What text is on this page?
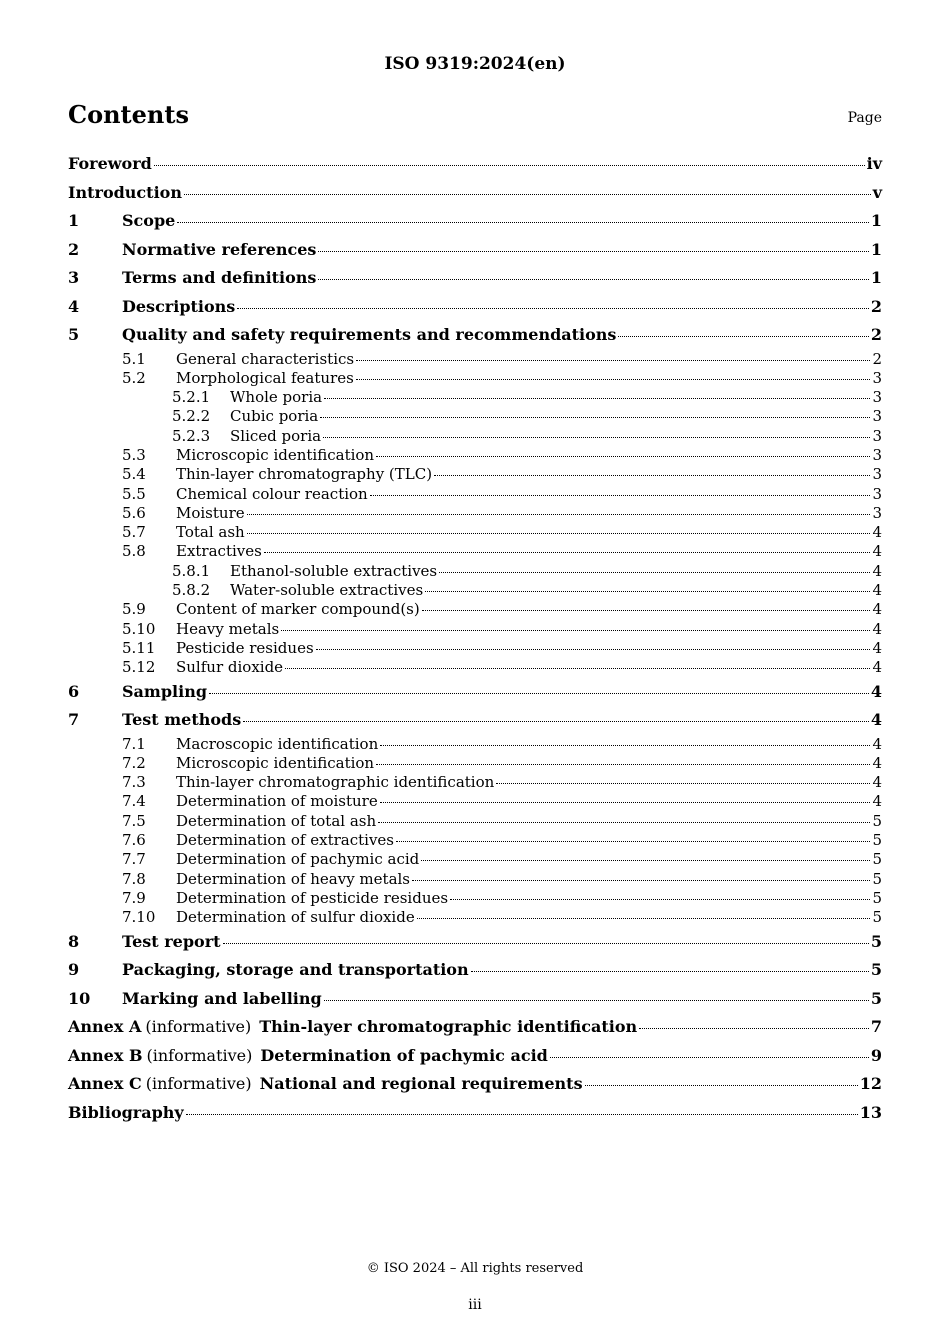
ISO 9319:2024(en)
Contents	Page
Foreword	iv
Introduction	v
1	Scope	1
2	Normative references	1
3	Terms and definitions	1
4	Descriptions	2
5	Quality and safety requirements and recommendations	2
5.1	General characteristics	2
5.2	Morphological features	3
5.2.1	Whole poria	3
5.2.2	Cubic poria	3
5.2.3	Sliced poria	3
5.3	Microscopic identification	3
5.4	Thin-layer chromatography (TLC)	3
5.5	Chemical colour reaction	3
5.6	Moisture	3
5.7	Total ash	4
5.8	Extractives	4
5.8.1	Ethanol-soluble extractives	4
5.8.2	Water-soluble extractives	4
5.9	Content of marker compound(s)	4
5.10	Heavy metals	4
5.11	Pesticide residues	4
5.12	Sulfur dioxide	4
6	Sampling	4
7	Test methods	4
7.1	Macroscopic identification	4
7.2	Microscopic identification	4
7.3	Thin-layer chromatographic identification	4
7.4	Determination of moisture	4
7.5	Determination of total ash	5
7.6	Determination of extractives	5
7.7	Determination of pachymic acid	5
7.8	Determination of heavy metals	5
7.9	Determination of pesticide residues	5
7.10	Determination of sulfur dioxide	5
8	Test report	5
9	Packaging, storage and transportation	5
10	Marking and labelling	5
Annex A (informative) Thin-layer chromatographic identification	7
Annex B (informative) Determination of pachymic acid	9
Annex C (informative) National and regional requirements	12
Bibliography	13
© ISO 2024 – All rights reserved
iii
